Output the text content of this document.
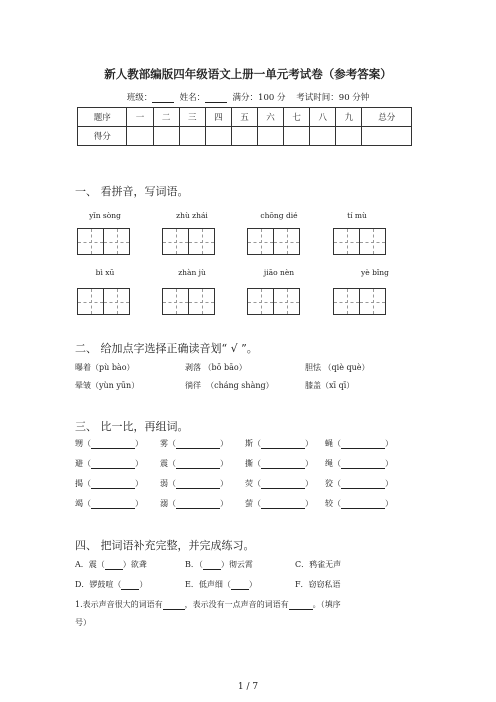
新人教部编版四年级语文上册一单元考试卷（参考答案）
班级：	姓名：	满分：100 分 考试时间：90 分钟
题序	一	二	三	四	五	六	七	八	九	总分
得分										
一、 看拼音，写词语。
yǐn sòng	zhù zhái	chōng dié	tí mù
bì xū	zhàn jù	jiāo nèn	yè bǐng
二、 给加点字选择正确读音划“ √ ”。
曝着（pù bào）	剥落 （bō bāo）	胆怯 （qiè què）
晕皱（yùn yūn）	徜徉 （cháng shàng）	膝盖（xī qī）
三、 比一比，再组词。
甥（	） 雾（	） 斯（	） 蝇（	）
避（	） 震（	） 撕（	） 绳（	）
揭（	） 弱（	） 荧（	） 狡（	）
竭（	） 溺（	） 萤（	） 较（	）
四、 把词语补充完整，并完成练习。
A．震（ ）欲聋	B．（ ）彻云霄	C．鸦雀无声
D．锣鼓喧（ ）	E．低声细（ ）	F．窃窃私语
1.表示声音很大的词语有	，表示没有一点声音的词语有	。（填序
号）
1 / 7
